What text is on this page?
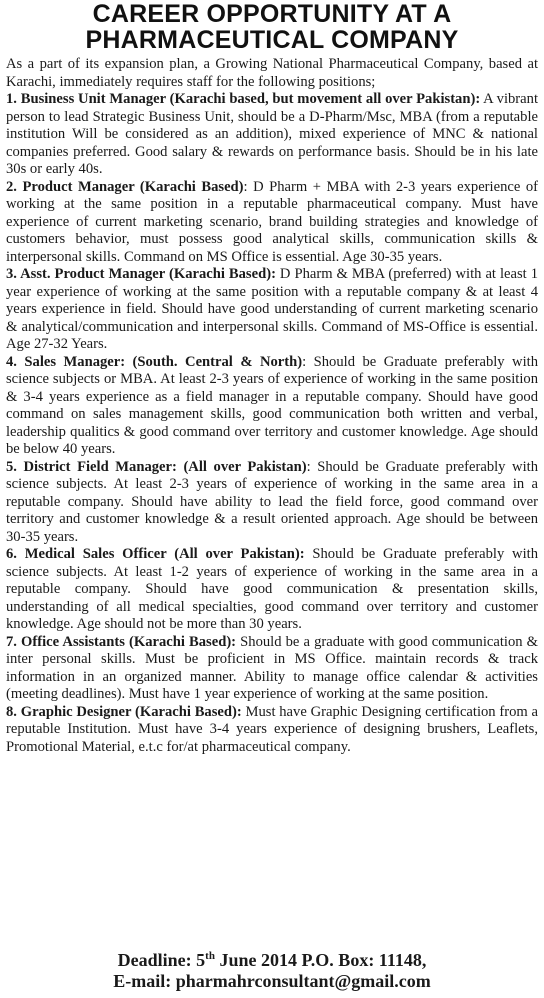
CAREER OPPORTUNITY AT A
PHARMACEUTICAL COMPANY

As a part of its expansion plan, a Growing National Pharmaceutical Company, based at Karachi, immediately requires staff for the following positions;

1. Business Unit Manager (Karachi based, but movement all over Pakistan): A vibrant person to lead Strategic Business Unit, should be a D-Pharm/Msc, MBA (from a reputable institution Will be considered as an addition), mixed experience of MNC & national companies preferred. Good salary & rewards on performance basis. Should be in his late 30s or early 40s.

2. Product Manager (Karachi Based): D Pharm + MBA with 2-3 years experience of working at the same position in a reputable pharmaceutical company. Must have experience of current marketing scenario, brand building strategies and knowledge of customers behavior, must possess good analytical skills, communication skills & interpersonal skills. Command on MS Office is essential. Age 30-35 years.

3. Asst. Product Manager (Karachi Based): D Pharm & MBA (preferred) with at least 1 year experience of working at the same position with a reputable company & at least 4 years experience in field. Should have good understanding of current marketing scenario & analytical/communication and interpersonal skills. Command of MS-Office is essential. Age 27-32 Years.

4. Sales Manager: (South. Central & North): Should be Graduate preferably with science subjects or MBA. At least 2-3 years of experience of working in the same position & 3-4 years experience as a field manager in a reputable company. Should have good command on sales management skills, good communication both written and verbal, leadership qualitics & good command over territory and customer knowledge. Age should be below 40 years.

5. District Field Manager: (All over Pakistan): Should be Graduate preferably with science subjects. At least 2-3 years of experience of working in the same area in a reputable company. Should have ability to lead the field force, good command over territory and customer knowledge & a result oriented approach. Age should be between 30-35 years.

6. Medical Sales Officer (All over Pakistan): Should be Graduate preferably with science subjects. At least 1-2 years of experience of working in the same area in a reputable company. Should have good communication & presentation skills, understanding of all medical specialties, good command over territory and customer knowledge. Age should not be more than 30 years.

7. Office Assistants (Karachi Based): Should be a graduate with good communication & inter personal skills. Must be proficient in MS Office. maintain records & track information in an organized manner. Ability to manage office calendar & activities (meeting deadlines). Must have 1 year experience of working at the same position.

8. Graphic Designer (Karachi Based): Must have Graphic Designing certification from a reputable Institution. Must have 3-4 years experience of designing brushers, Leaflets, Promotional Material, e.t.c for/at pharmaceutical company.

Deadline: 5th June 2014 P.O. Box: 11148,
E-mail: pharmahrconsultant@gmail.com
